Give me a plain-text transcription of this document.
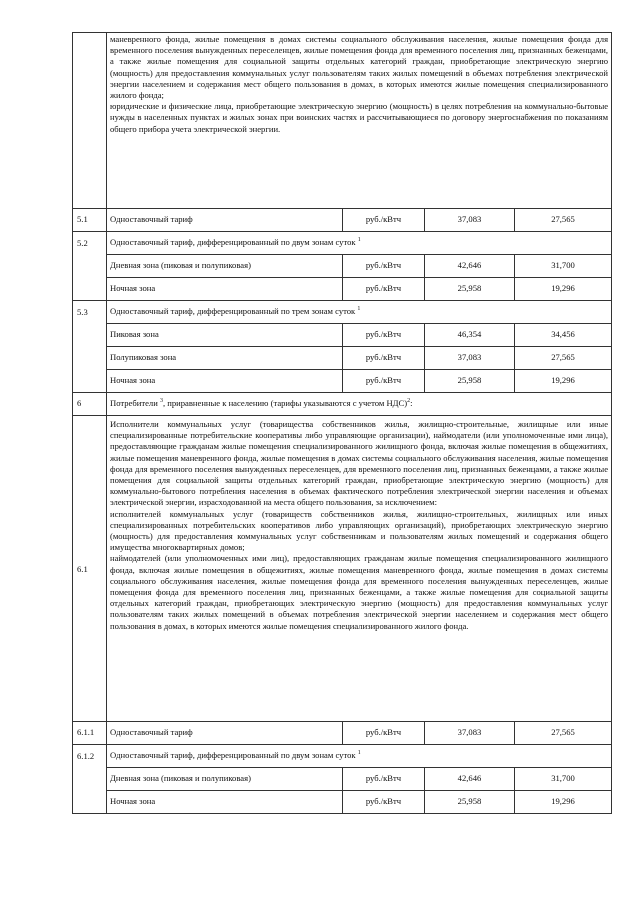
	маневренного фонда, жилые помещения в домах системы социального обслуживания населения, жилые помещения фонда для временного поселения вынужденных переселенцев, жилые помещения фонда для временного поселения лиц, признанных беженцами, а также жилые помещения для социальной защиты отдельных категорий граждан, приобретающие электрическую энергию (мощность) для предоставления коммунальных услуг пользователям таких жилых помещений в объемах потребления электрической энергии населением и содержания мест общего пользования в домах, в которых имеются жилые помещения специализированного жилого фонда;

юридические и физические лица, приобретающие электрическую энергию (мощность) в целях потребления на коммунально-бытовые нужды в населенных пунктах и жилых зонах при воинских частях и рассчитывающиеся по договору энергоснабжения по показаниям общего прибора учета электрической энергии.			

5.1	Одноставочный тариф	руб./кВтч	37,083	27,565
5.2	Одноставочный тариф, дифференцированный по двум зонам суток $^1$
	Дневная зона (пиковая и полупиковая)	руб./кВтч	42,646	31,700
	Ночная зона	руб./кВтч	25,958	19,296
5.3	Одноставочный тариф, дифференцированный по трем зонам суток $^1$
	Пиковая зона	руб./кВтч	46,354	34,456
	Полупиковая зона	руб./кВтч	37,083	27,565
	Ночная зона	руб./кВтч	25,958	19,296
6	Потребители $^3$, приравненные к населению (тарифы указываются с учетом НДС)$^2$:			
6.1	Исполнители коммунальных услуг (товарищества собственников жилья, жилищно-строительные, жилищные или иные специализированные потребительские кооперативы либо управляющие организации), наймодатели (или уполномоченные ими лица), предоставляющие гражданам жилые помещения специализированного жилищного фонда, включая жилые помещения в общежитиях, жилые помещения маневренного фонда, жилые помещения в домах системы социального обслуживания населения, жилые помещения фонда для временного поселения вынужденных переселенцев, для временного поселения лиц, признанных беженцами, а также жилые помещения для социальной защиты отдельных категорий граждан, приобретающие электрическую энергию (мощность) для коммунально-бытового потребления населения в объемах фактического потребления электрической энергии населения и объемах электрической энергии, израсходованной на места общего пользования, за исключением:

исполнителей коммунальных услуг (товариществ собственников жилья, жилищно-строительных, жилищных или иных специализированных потребительских кооперативов либо управляющих организаций), приобретающих электрическую энергию (мощность) для предоставления коммунальных услуг собственникам и пользователям жилых помещений и содержания общего имущества многоквартирных домов;

наймодателей (или уполномоченных ими лиц), предоставляющих гражданам жилые помещения специализированного жилищного фонда, включая жилые помещения в общежитиях, жилые помещения маневренного фонда, жилые помещения в домах системы социального обслуживания населения, жилые помещения фонда для временного поселения вынужденных переселенцев, жилые помещения фонда для временного поселения лиц, признанных беженцами, а также жилые помещения для социальной защиты отдельных категорий граждан, приобретающих электрическую энергию (мощность) для предоставления коммунальных услуг пользователям таких жилых помещений в объемах потребления электрической энергии населением и содержания мест общего пользования в домах, в которых имеются жилые помещения специализированного жилого фонда.			

6.1.1	Одноставочный тариф	руб./кВтч	37,083	27,565
6.1.2	Одноставочный тариф, дифференцированный по двум зонам суток $^1$
	Дневная зона (пиковая и полупиковая)	руб./кВтч	42,646	31,700
	Ночная зона	руб./кВтч	25,958	19,296
